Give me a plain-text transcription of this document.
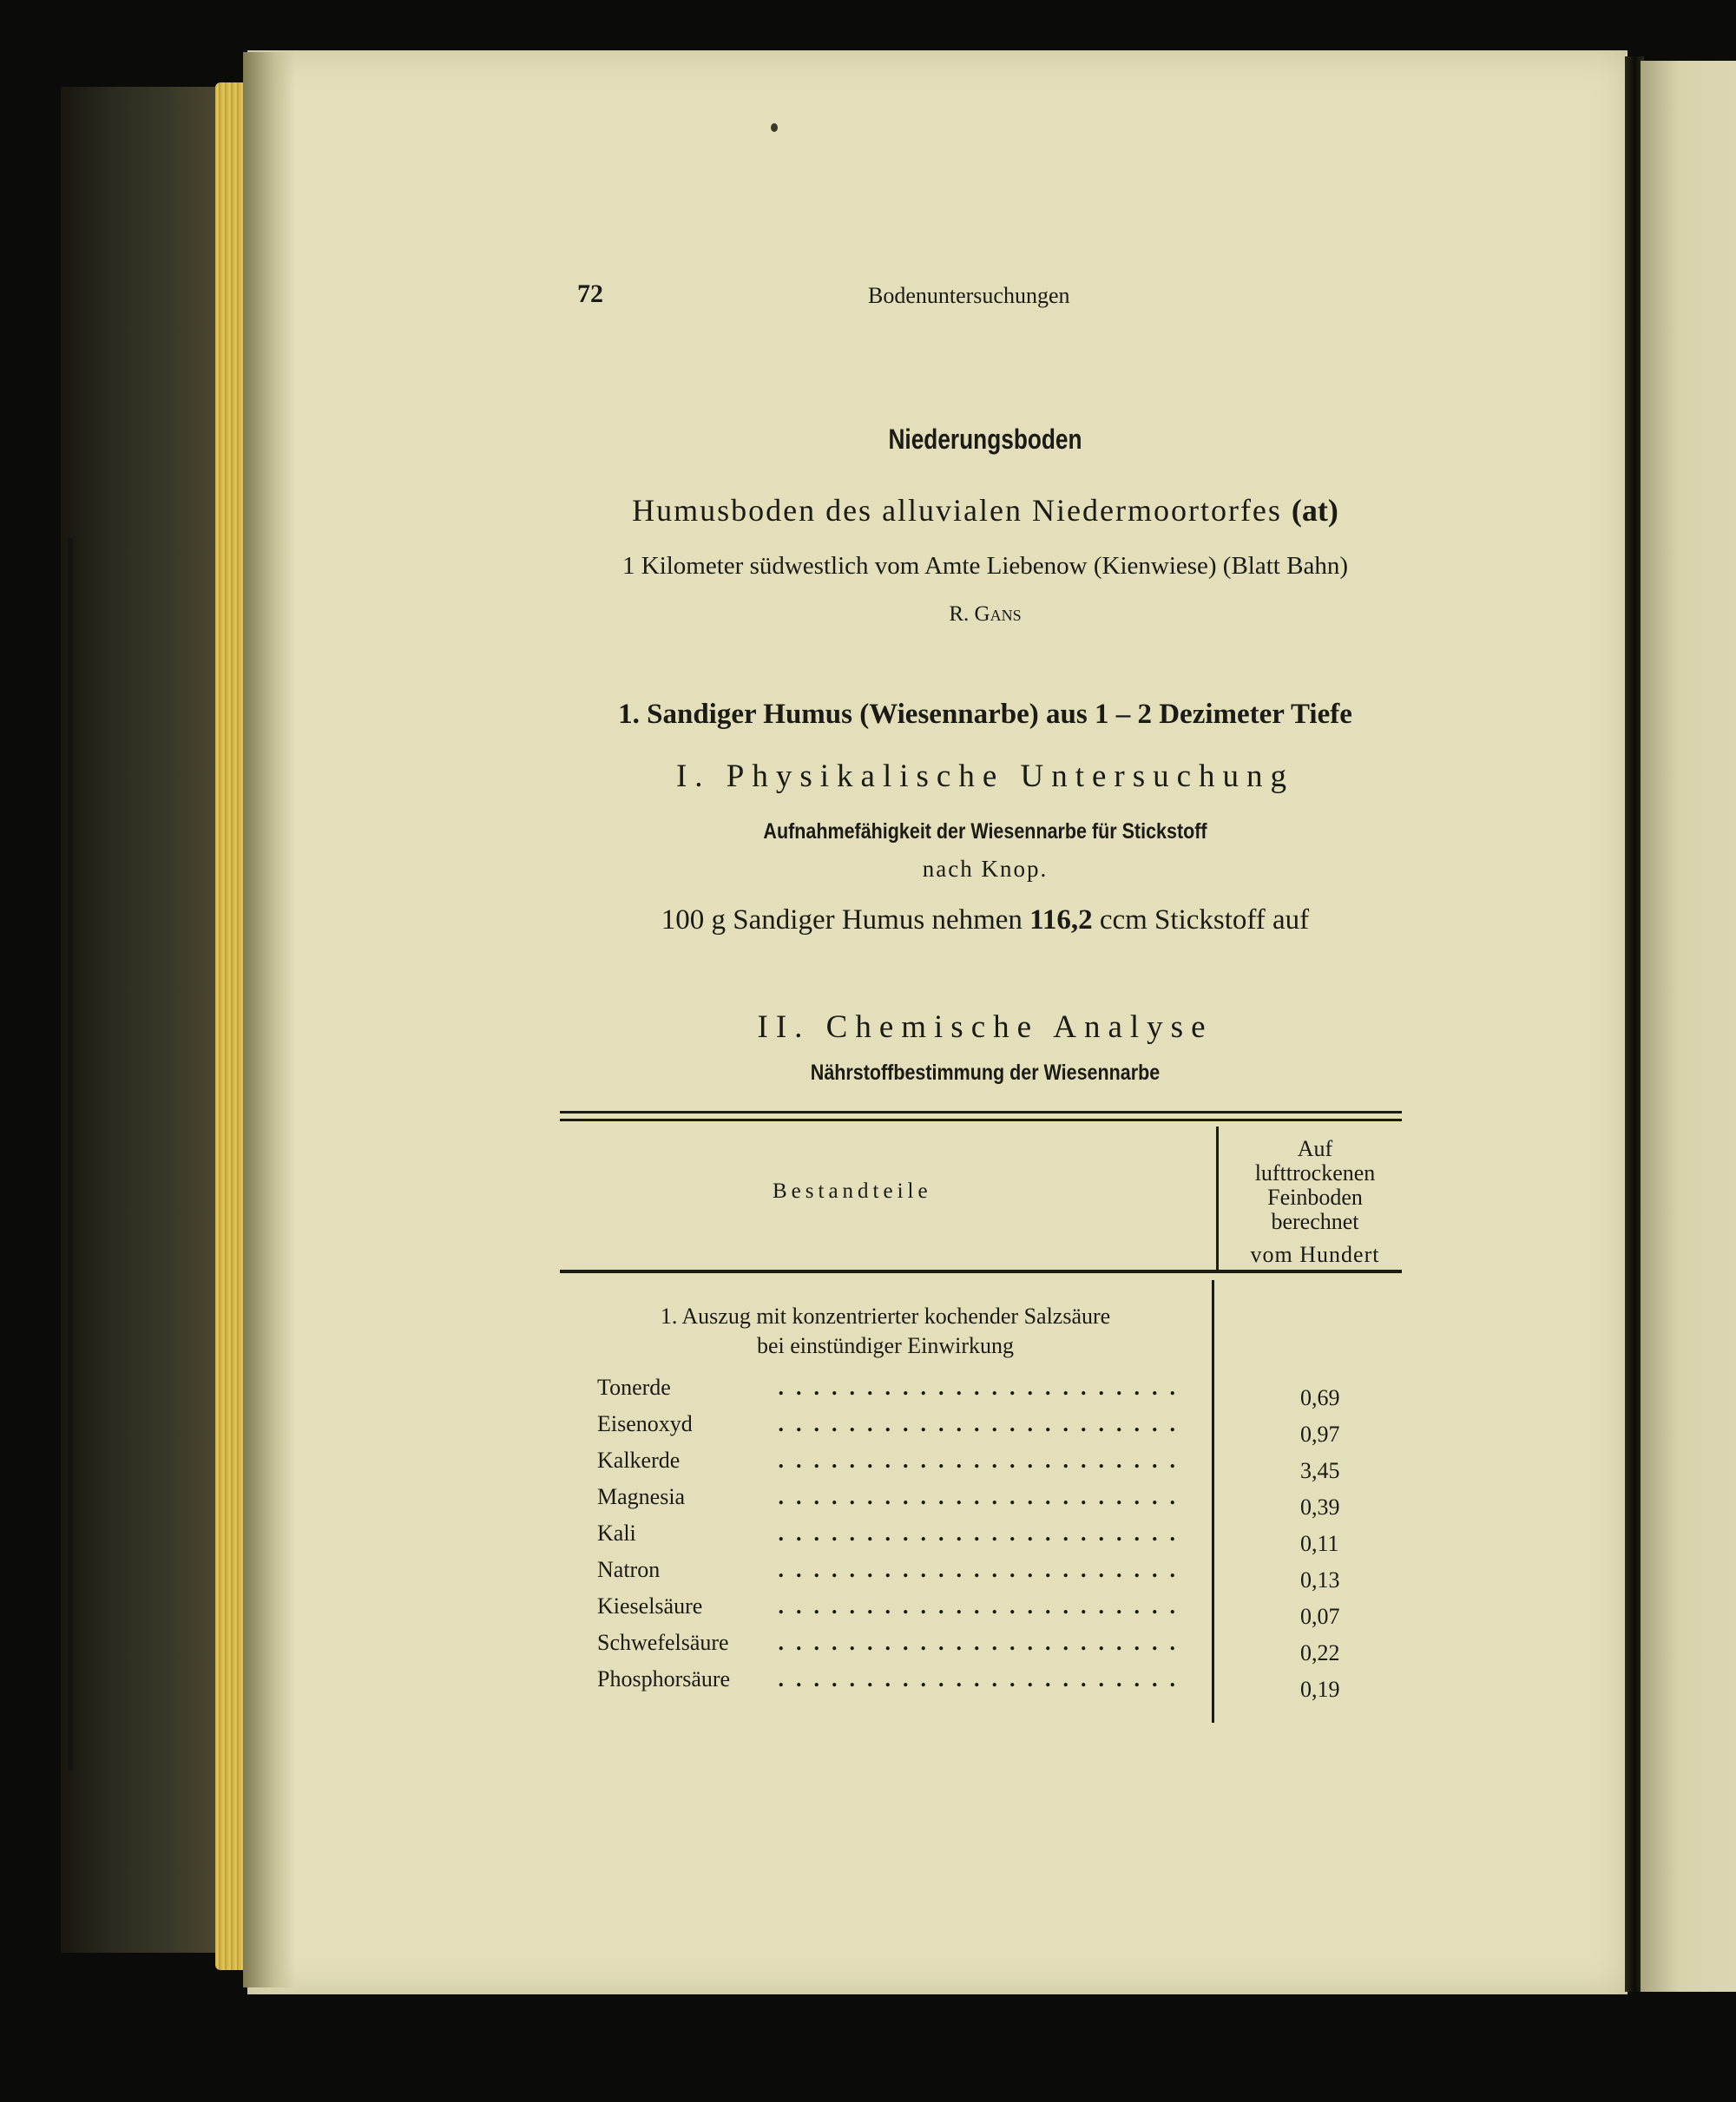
72	Bodenuntersuchungen
Niederungsboden
Humusboden des alluvialen Niedermoortorfes (at)
1 Kilometer südwestlich vom Amte Liebenow (Kienwiese) (Blatt Bahn)
R. Gans
1. Sandiger Humus (Wiesennarbe) aus 1 – 2 Dezimeter Tiefe
I. Physikalische Untersuchung
Aufnahmefähigkeit der Wiesennarbe für Stickstoff
nach Knop.
100 g Sandiger Humus nehmen 116,2 ccm Stickstoff auf
II. Chemische Analyse
Nährstoffbestimmung der Wiesennarbe
Bestandteile
Auf
lufttrockenen
Feinboden
berechnet
vom Hundert
1. Auszug mit konzentrierter kochender Salzsäure
bei einstündiger Einwirkung
.......................
Tonerde	0,69
.......................
Eisenoxyd	0,97
.......................
Kalkerde	3,45
.......................
Magnesia	0,39
.......................
Kali	0,11
.......................
Natron	0,13
.......................
Kieselsäure	0,07
.......................
Schwefelsäure	0,22
.......................
Phosphorsäure	0,19
